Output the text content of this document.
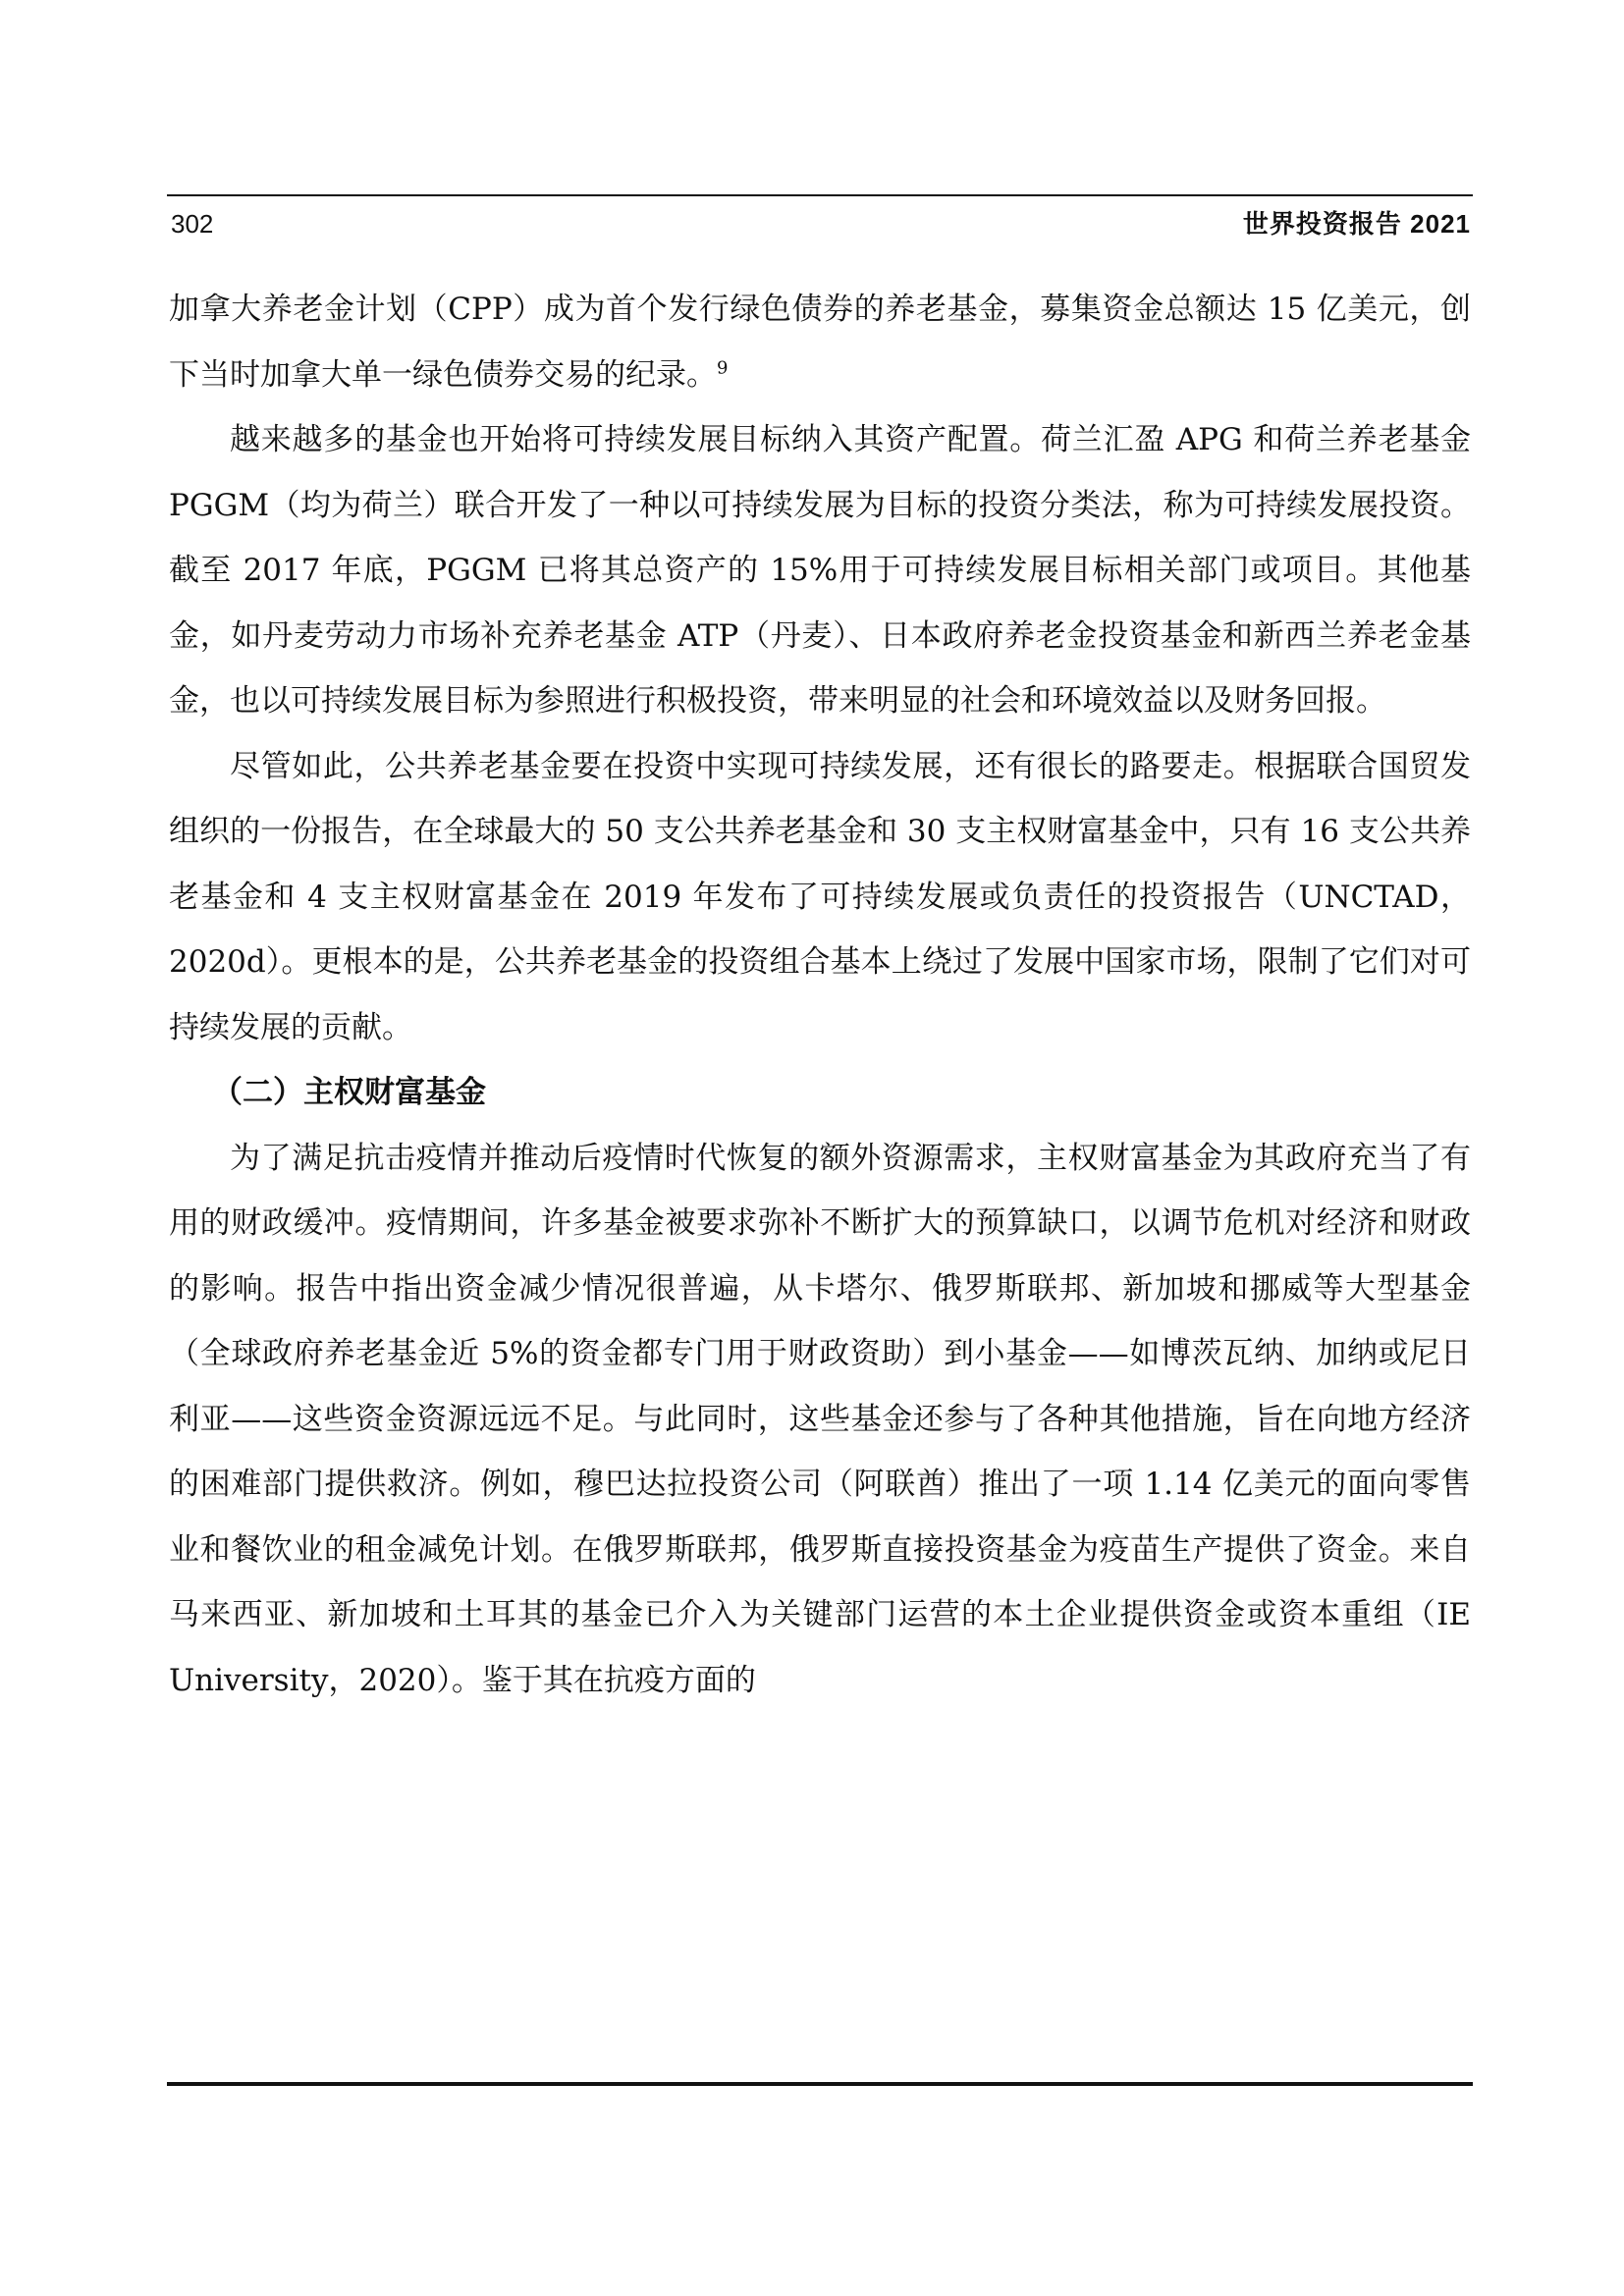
302	世界投资报告 2021

加拿大养老金计划（CPP）成为首个发行绿色债券的养老基金，募集资金总额达 15 亿美元，创下当时加拿大单一绿色债券交易的纪录。$^9$

越来越多的基金也开始将可持续发展目标纳入其资产配置。荷兰汇盈 APG 和荷兰养老基金 PGGM（均为荷兰）联合开发了一种以可持续发展为目标的投资分类法，称为可持续发展投资。截至 2017 年底，PGGM 已将其总资产的 15%用于可持续发展目标相关部门或项目。其他基金，如丹麦劳动力市场补充养老基金 ATP（丹麦）、日本政府养老金投资基金和新西兰养老金基金，也以可持续发展目标为参照进行积极投资，带来明显的社会和环境效益以及财务回报。

尽管如此，公共养老基金要在投资中实现可持续发展，还有很长的路要走。根据联合国贸发组织的一份报告，在全球最大的 50 支公共养老基金和 30 支主权财富基金中，只有 16 支公共养老基金和 4 支主权财富基金在 2019 年发布了可持续发展或负责任的投资报告（UNCTAD，2020d）。更根本的是，公共养老基金的投资组合基本上绕过了发展中国家市场，限制了它们对可持续发展的贡献。

（二）主权财富基金

为了满足抗击疫情并推动后疫情时代恢复的额外资源需求，主权财富基金为其政府充当了有用的财政缓冲。疫情期间，许多基金被要求弥补不断扩大的预算缺口，以调节危机对经济和财政的影响。报告中指出资金减少情况很普遍，从卡塔尔、俄罗斯联邦、新加坡和挪威等大型基金（全球政府养老基金近 5%的资金都专门用于财政资助）到小基金——如博茨瓦纳、加纳或尼日利亚——这些资金资源远远不足。与此同时，这些基金还参与了各种其他措施，旨在向地方经济的困难部门提供救济。例如，穆巴达拉投资公司（阿联酋）推出了一项 1.14 亿美元的面向零售业和餐饮业的租金减免计划。在俄罗斯联邦，俄罗斯直接投资基金为疫苗生产提供了资金。来自马来西亚、新加坡和土耳其的基金已介入为关键部门运营的本土企业提供资金或资本重组（IE University，2020）。鉴于其在抗疫方面的
